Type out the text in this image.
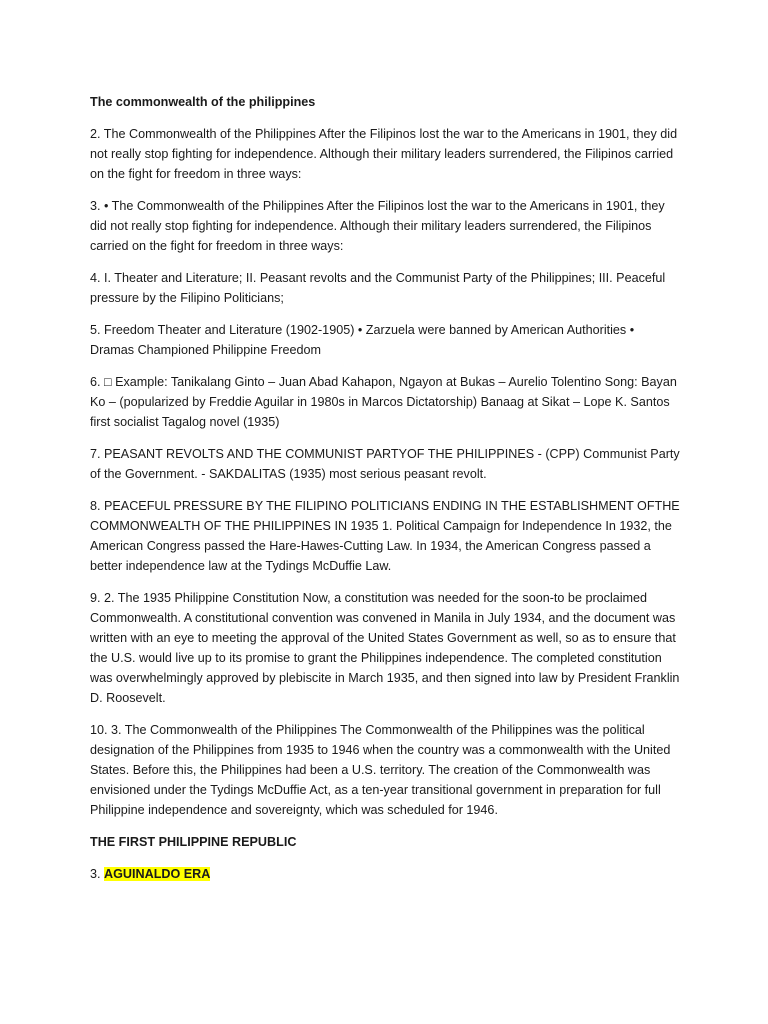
The commonwealth of the philippines

2. The Commonwealth of the Philippines After the Filipinos lost the war to the Americans in 1901, they did not really stop fighting for independence. Although their military leaders surrendered, the Filipinos carried on the fight for freedom in three ways:

3. • The Commonwealth of the Philippines After the Filipinos lost the war to the Americans in 1901, they did not really stop fighting for independence. Although their military leaders surrendered, the Filipinos carried on the fight for freedom in three ways:

4. I. Theater and Literature; II. Peasant revolts and the Communist Party of the Philippines; III. Peaceful pressure by the Filipino Politicians;

5. Freedom Theater and Literature (1902-1905) • Zarzuela were banned by American Authorities • Dramas Championed Philippine Freedom

6. □ Example: Tanikalang Ginto – Juan Abad Kahapon, Ngayon at Bukas – Aurelio Tolentino Song: Bayan Ko – (popularized by Freddie Aguilar in 1980s in Marcos Dictatorship) Banaag at Sikat – Lope K. Santos first socialist Tagalog novel (1935)

7. PEASANT REVOLTS AND THE COMMUNIST PARTYOF THE PHILIPPINES - (CPP) Communist Party of the Government. - SAKDALITAS (1935) most serious peasant revolt.

8. PEACEFUL PRESSURE BY THE FILIPINO POLITICIANS ENDING IN THE ESTABLISHMENT OFTHE COMMONWEALTH OF THE PHILIPPINES IN 1935 1. Political Campaign for Independence In 1932, the American Congress passed the Hare-Hawes-Cutting Law. In 1934, the American Congress passed a better independence law at the Tydings McDuffie Law.

9. 2. The 1935 Philippine Constitution Now, a constitution was needed for the soon-to be proclaimed Commonwealth. A constitutional convention was convened in Manila in July 1934, and the document was written with an eye to meeting the approval of the United States Government as well, so as to ensure that the U.S. would live up to its promise to grant the Philippines independence. The completed constitution was overwhelmingly approved by plebiscite in March 1935, and then signed into law by President Franklin D. Roosevelt.

10. 3. The Commonwealth of the Philippines The Commonwealth of the Philippines was the political designation of the Philippines from 1935 to 1946 when the country was a commonwealth with the United States. Before this, the Philippines had been a U.S. territory. The creation of the Commonwealth was envisioned under the Tydings McDuffie Act, as a ten-year transitional government in preparation for full Philippine independence and sovereignty, which was scheduled for 1946.

THE FIRST PHILIPPINE REPUBLIC

3. AGUINALDO ERA
